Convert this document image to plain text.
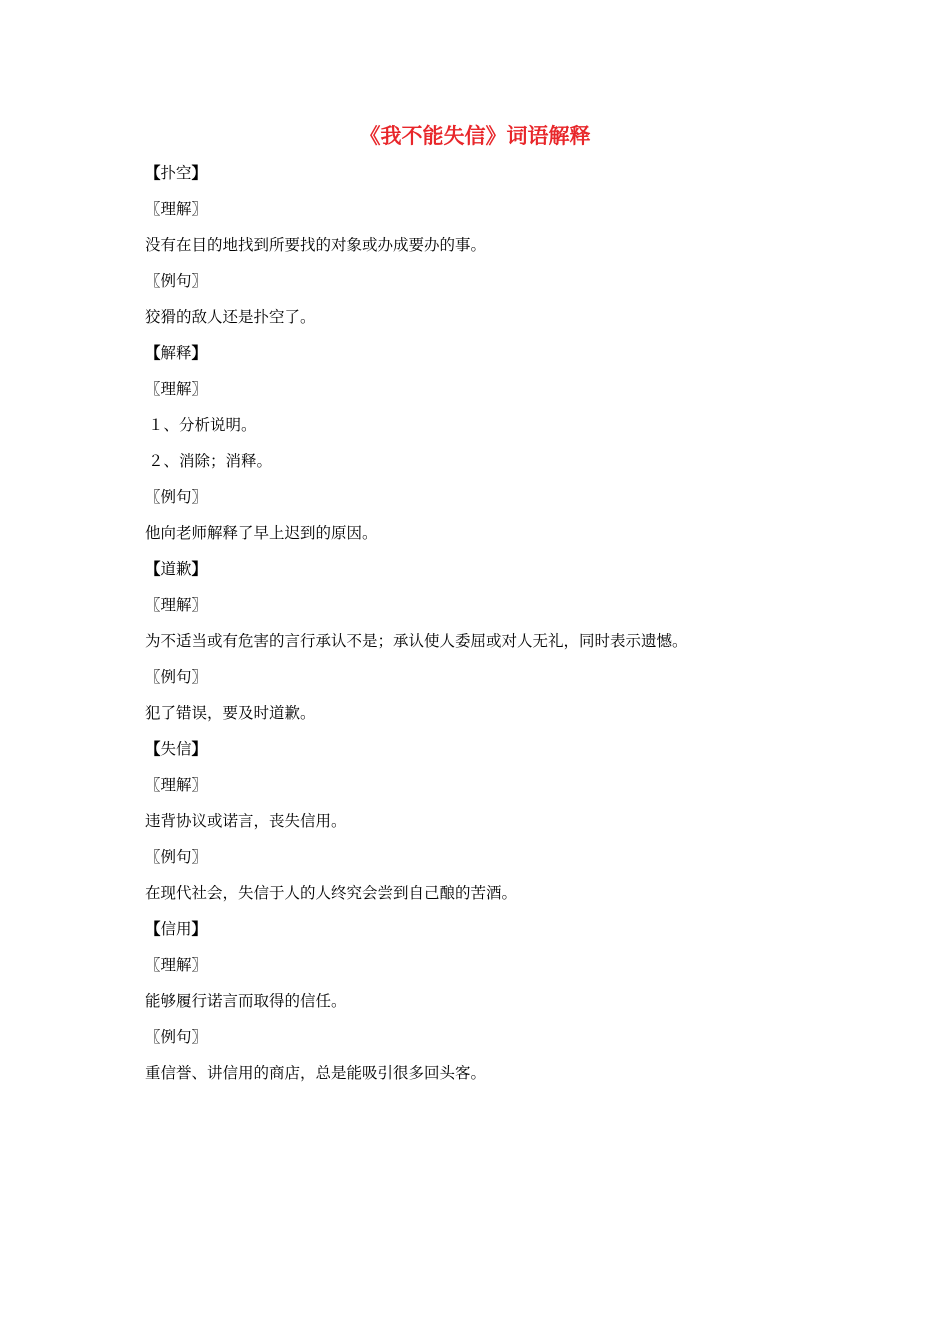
《我不能失信》词语解释
【扑空】
〖理解〗
没有在目的地找到所要找的对象或办成要办的事。
〖例句〗
狡猾的敌人还是扑空了。
【解释】
〖理解〗
１、分析说明。
２、消除；消释。
〖例句〗
他向老师解释了早上迟到的原因。
【道歉】
〖理解〗
为不适当或有危害的言行承认不是；承认使人委屈或对人无礼，同时表示遗憾。
〖例句〗
犯了错误，要及时道歉。
【失信】
〖理解〗
违背协议或诺言，丧失信用。
〖例句〗
在现代社会，失信于人的人终究会尝到自己酿的苦酒。
【信用】
〖理解〗
能够履行诺言而取得的信任。
〖例句〗
重信誉、讲信用的商店，总是能吸引很多回头客。
